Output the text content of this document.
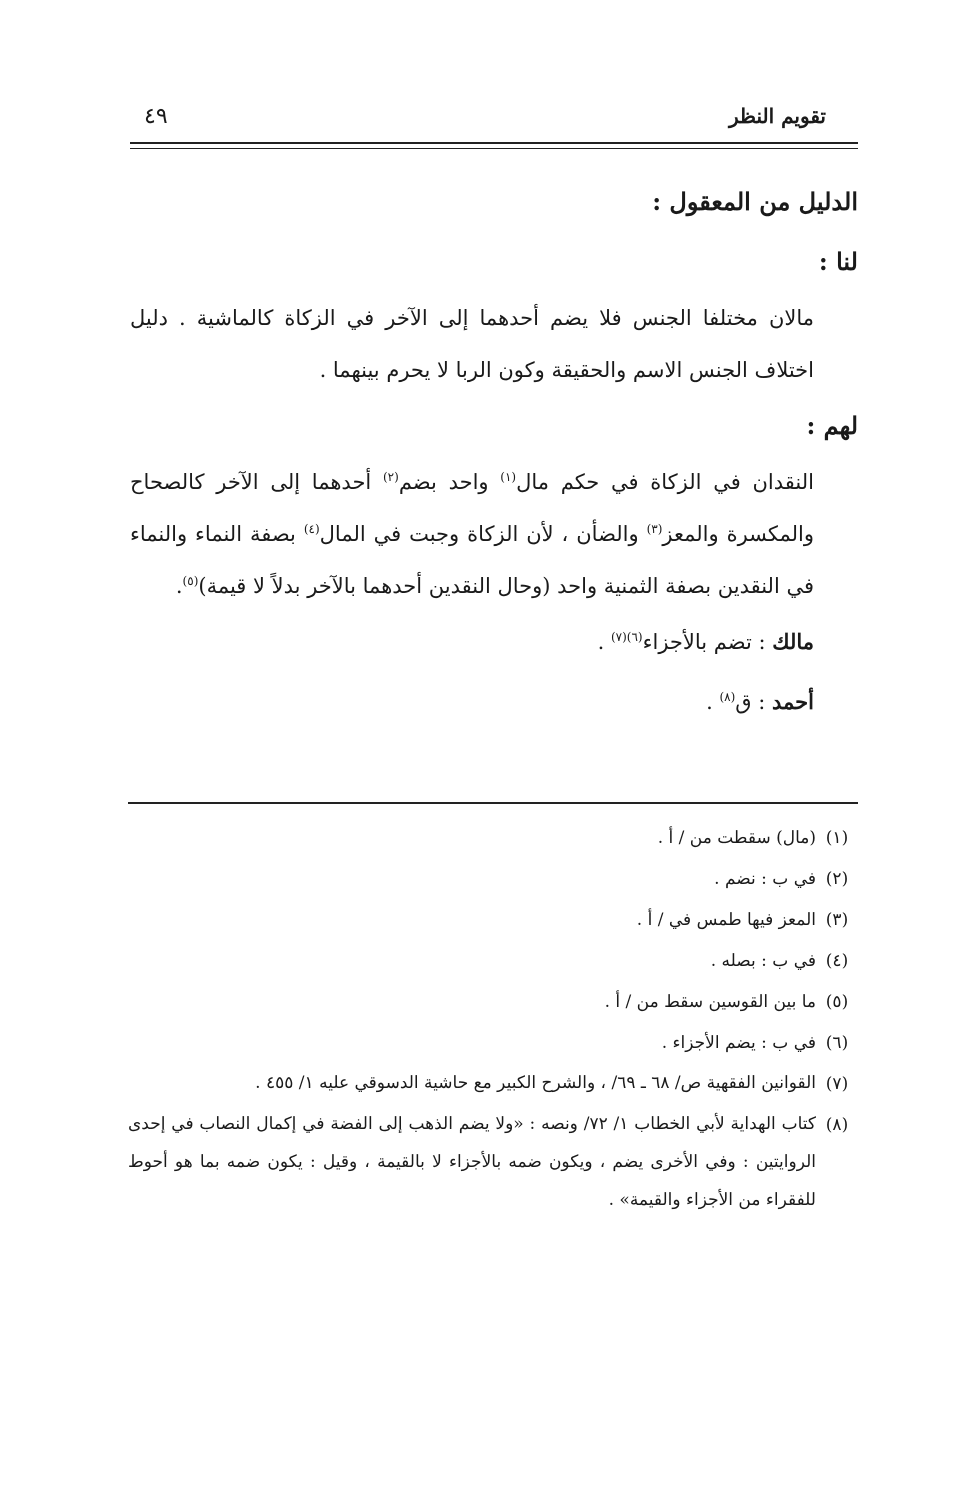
تقويم النظر
٤٩

الدليل من المعقول :

لنا :

مالان مختلفا الجنس فلا يضم أحدهما إلى الآخر في الزكاة كالماشية . دليل اختلاف الجنس الاسم والحقيقة وكون الربا لا يحرم بينهما .

لهم :

النقدان في الزكاة في حكم مال$^{(١)}$ واحد بضم$^{(٢)}$ أحدهما إلى الآخر كالصحاح والمكسرة والمعز$^{(٣)}$ والضأن ، لأن الزكاة وجبت في المال$^{(٤)}$ بصفة النماء والنماء في النقدين بصفة الثمنية واحد (وحال النقدين أحدهما بالآخر بدلاً لا قيمة)$^{(٥)}$.

مالك : تضم بالأجزاء$^{(٦)(٧)}$ .

أحمد : ق$^{(٨)}$ .

(١)
(مال) سقطت من / أ .
(٢)
في ب : نضم .
(٣)
المعز فيها طمس في / أ .
(٤)
في ب : بصله .
(٥)
ما بين القوسين سقط من / أ .
(٦)
في ب : يضم الأجزاء .
(٧)
القوانين الفقهية ص/ ٦٨ ـ ٦٩/ ، والشرح الكبير مع حاشية الدسوقي عليه ١/ ٤٥٥ .
(٨)
كتاب الهداية لأبي الخطاب ١/ ٧٢/ ونصه : «ولا يضم الذهب إلى الفضة في إكمال النصاب في إحدى الروايتين : وفي الأخرى يضم ، ويكون ضمه بالأجزاء لا بالقيمة ، وقيل : يكون ضمه بما هو أحوط للفقراء من الأجزاء والقيمة» .
